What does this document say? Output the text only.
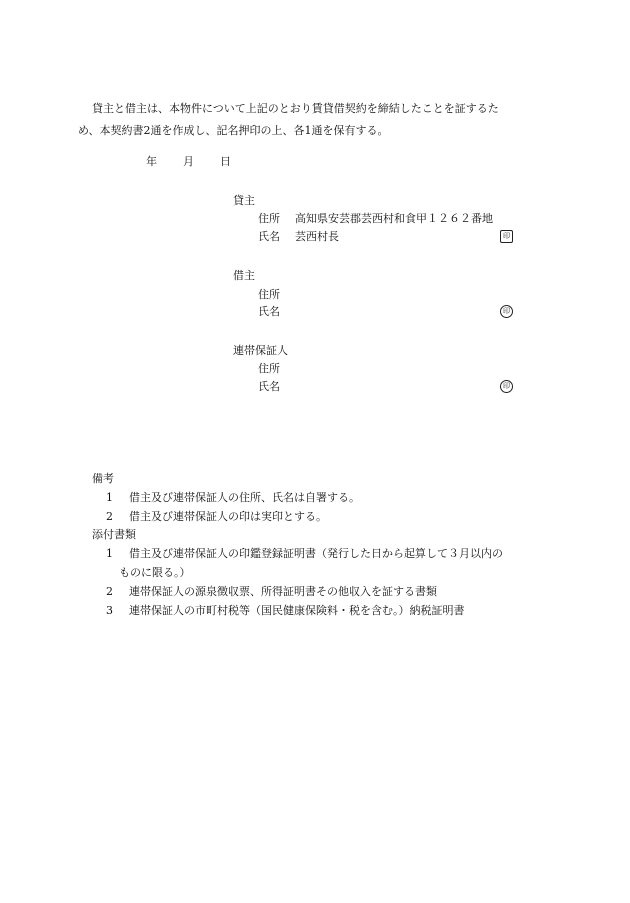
貸主と借主は、本物件について上記のとおり賃貸借契約を締結したことを証するた
め、本契約書2通を作成し、記名押印の上、各1通を保有する。
年 月 日
貸主
住所 高知県安芸郡芸西村和食甲１２６２番地
氏名 芸西村長	印
借主
住所
氏名	印
連帯保証人
住所
氏名	印
備考
1 借主及び連帯保証人の住所、氏名は自署する。
2 借主及び連帯保証人の印は実印とする。
添付書類
1 借主及び連帯保証人の印鑑登録証明書（発行した日から起算して３月以内の
ものに限る。）
2 連帯保証人の源泉徴収票、所得証明書その他収入を証する書類
3 連帯保証人の市町村税等（国民健康保険料・税を含む。）納税証明書
